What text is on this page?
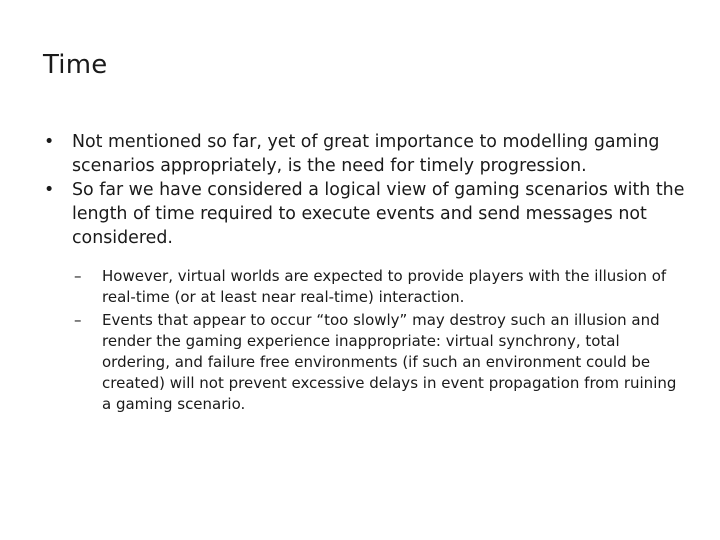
Time

• Not mentioned so far, yet of great importance to modelling gaming scenarios appropriately, is the need for timely progression.

• So far we have considered a logical view of gaming scenarios with the length of time required to execute events and send messages not considered.

– However, virtual worlds are expected to provide players with the illusion of real-time (or at least near real-time) interaction.

– Events that appear to occur “too slowly” may destroy such an illusion and render the gaming experience inappropriate: virtual synchrony, total ordering, and failure free environments (if such an environment could be created) will not prevent excessive delays in event propagation from ruining a gaming scenario.
